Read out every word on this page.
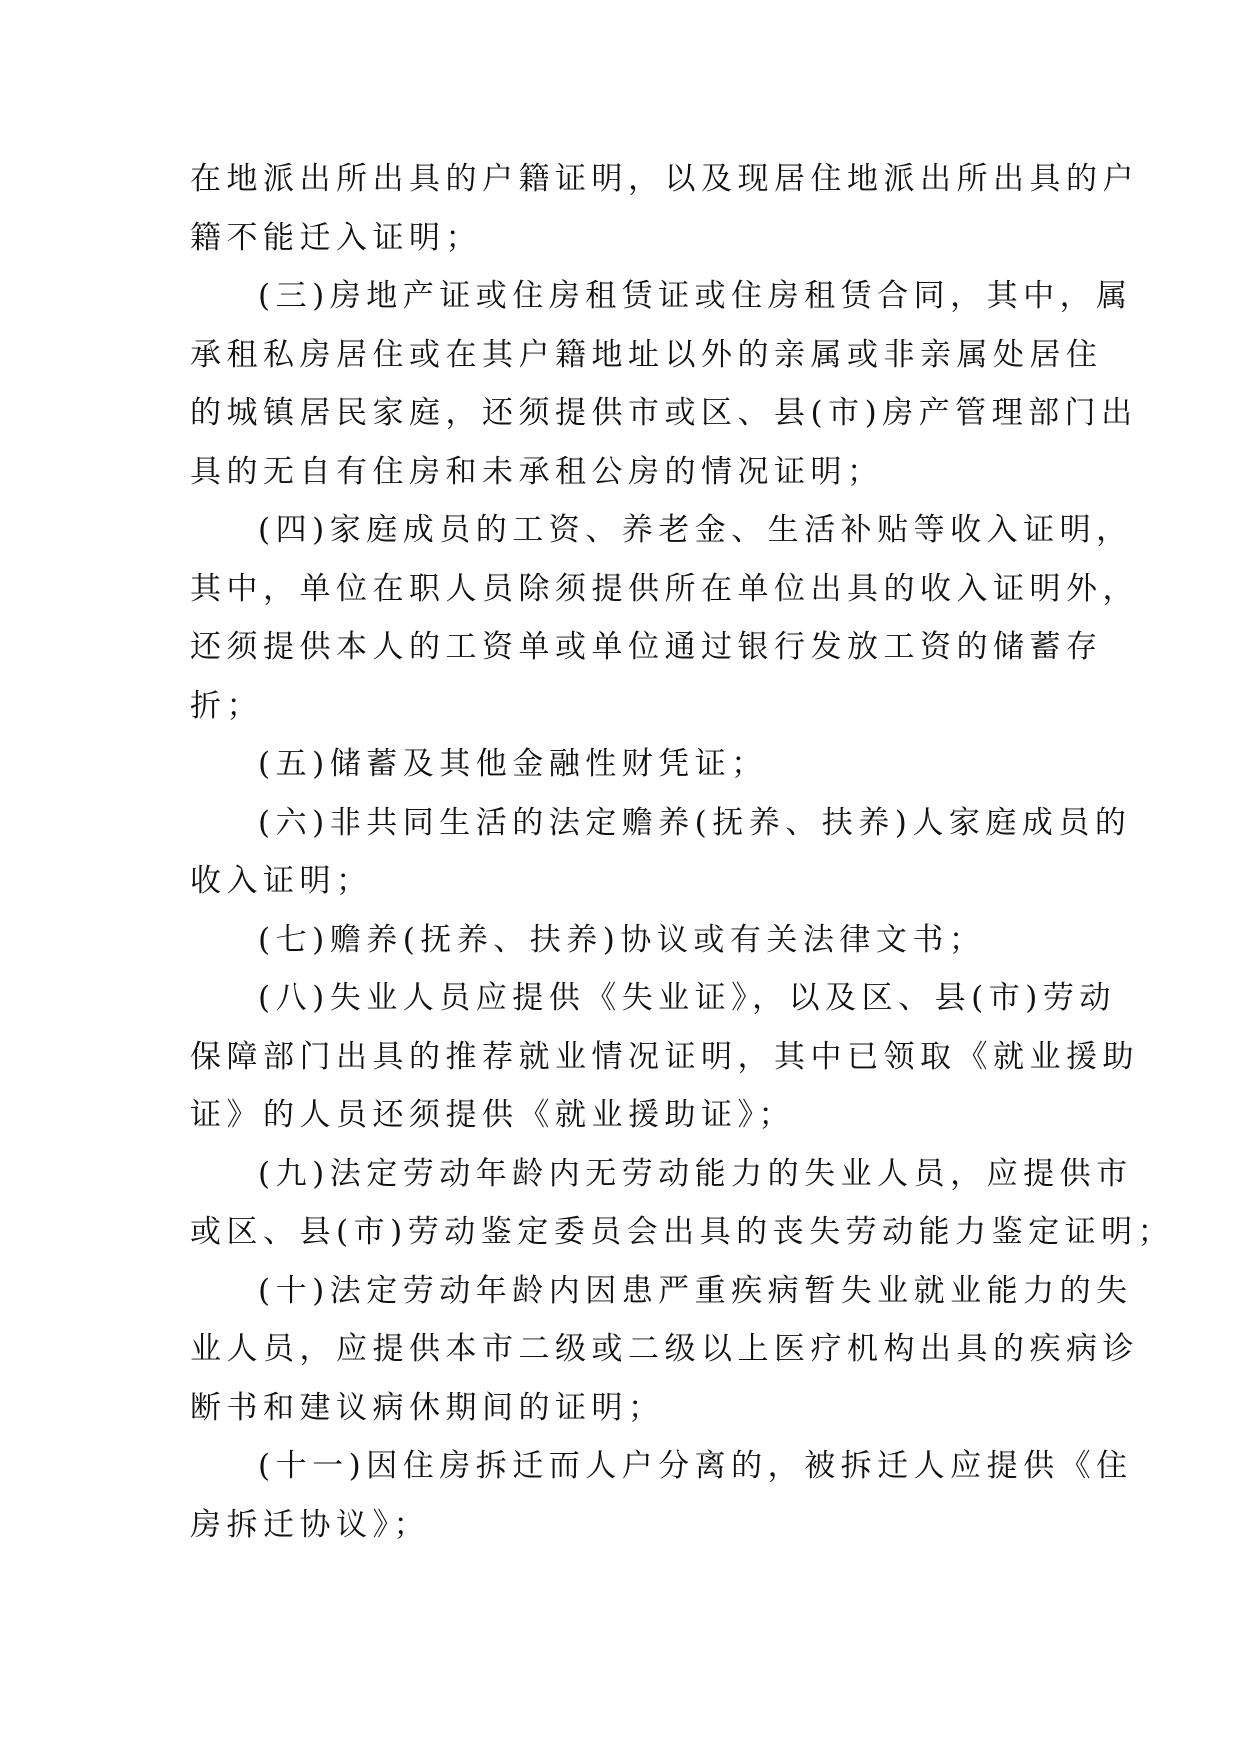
在地派出所出具的户籍证明，以及现居住地派出所出具的户
籍不能迁入证明；
(三)房地产证或住房租赁证或住房租赁合同，其中，属
承租私房居住或在其户籍地址以外的亲属或非亲属处居住
的城镇居民家庭，还须提供市或区、县(市)房产管理部门出
具的无自有住房和未承租公房的情况证明；
(四)家庭成员的工资、养老金、生活补贴等收入证明，
其中，单位在职人员除须提供所在单位出具的收入证明外，
还须提供本人的工资单或单位通过银行发放工资的储蓄存
折；
(五)储蓄及其他金融性财凭证；
(六)非共同生活的法定赡养(抚养、扶养)人家庭成员的
收入证明；
(七)赡养(抚养、扶养)协议或有关法律文书；
(八)失业人员应提供《失业证》，以及区、县(市)劳动
保障部门出具的推荐就业情况证明，其中已领取《就业援助
证》的人员还须提供《就业援助证》；
(九)法定劳动年龄内无劳动能力的失业人员，应提供市
或区、县(市)劳动鉴定委员会出具的丧失劳动能力鉴定证明；
(十)法定劳动年龄内因患严重疾病暂失业就业能力的失
业人员，应提供本市二级或二级以上医疗机构出具的疾病诊
断书和建议病休期间的证明；
(十一)因住房拆迁而人户分离的，被拆迁人应提供《住
房拆迁协议》；
